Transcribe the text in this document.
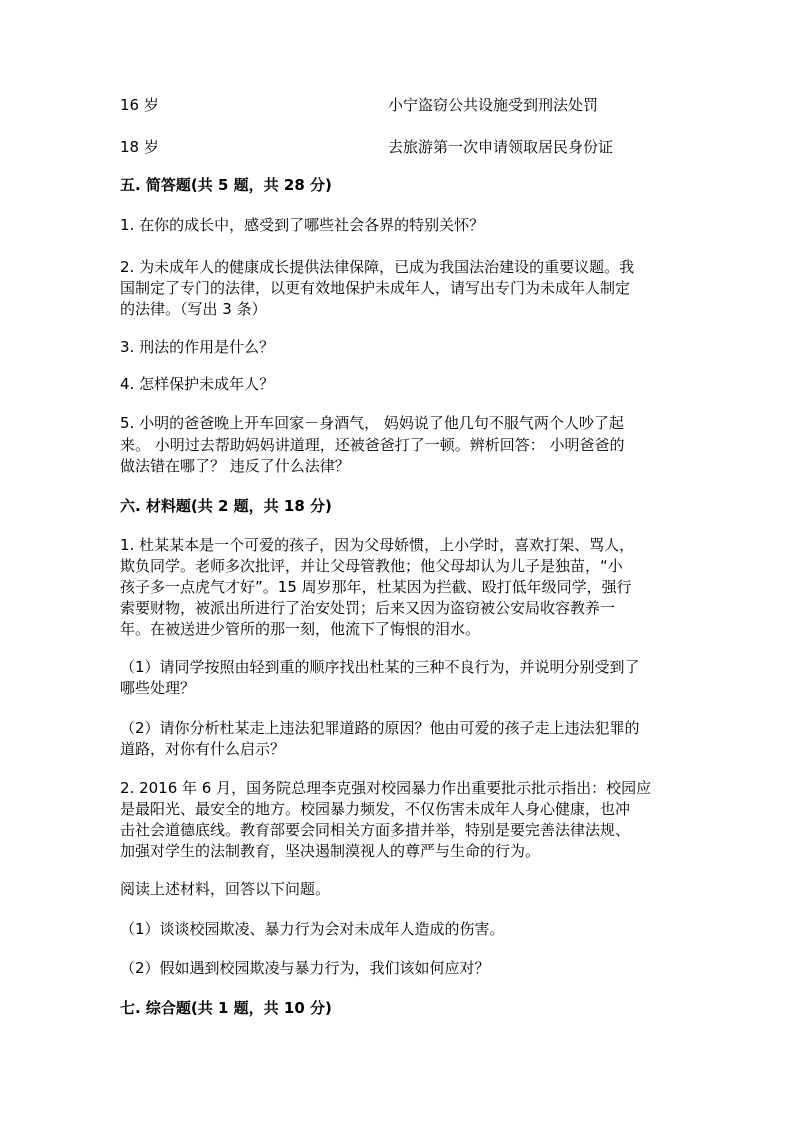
16 岁	小宁盗窃公共设施受到刑法处罚
18 岁	去旅游第一次申请领取居民身份证
五. 简答题(共 5 题，共 28 分)
1. 在你的成长中，感受到了哪些社会各界的特别关怀？
2. 为未成年人的健康成长提供法律保障，已成为我国法治建设的重要议题。我
国制定了专门的法律，以更有效地保护未成年人，请写出专门为未成年人制定
的法律。（写出 3 条）
3. 刑法的作用是什么？
4. 怎样保护未成年人？
5. 小明的爸爸晚上开车回家－身酒气， 妈妈说了他几句不服气两个人吵了起
来。 小明过去帮助妈妈讲道理，还被爸爸打了一顿。辨析回答： 小明爸爸的
做法错在哪了？ 违反了什么法律？
六. 材料题(共 2 题，共 18 分)
1. 杜某某本是一个可爱的孩子，因为父母娇惯，上小学时，喜欢打架、骂人，
欺负同学。老师多次批评，并让父母管教他；他父母却认为儿子是独苗，“小
孩子多一点虎气才好”。15 周岁那年，杜某因为拦截、殴打低年级同学，强行
索要财物，被派出所进行了治安处罚；后来又因为盗窃被公安局收容教养一
年。在被送进少管所的那一刻，他流下了悔恨的泪水。
（1）请同学按照由轻到重的顺序找出杜某的三种不良行为，并说明分别受到了
哪些处理？
（2）请你分析杜某走上违法犯罪道路的原因？他由可爱的孩子走上违法犯罪的
道路，对你有什么启示？
2. 2016 年 6 月，国务院总理李克强对校园暴力作出重要批示批示指出：校园应
是最阳光、最安全的地方。校园暴力频发，不仅伤害未成年人身心健康，也冲
击社会道德底线。教育部要会同相关方面多措并举，特别是要完善法律法规、
加强对学生的法制教育，坚决遏制漠视人的尊严与生命的行为。
阅读上述材料，回答以下问题。
（1）谈谈校园欺凌、暴力行为会对未成年人造成的伤害。
（2）假如遇到校园欺凌与暴力行为，我们该如何应对？
七. 综合题(共 1 题，共 10 分)
